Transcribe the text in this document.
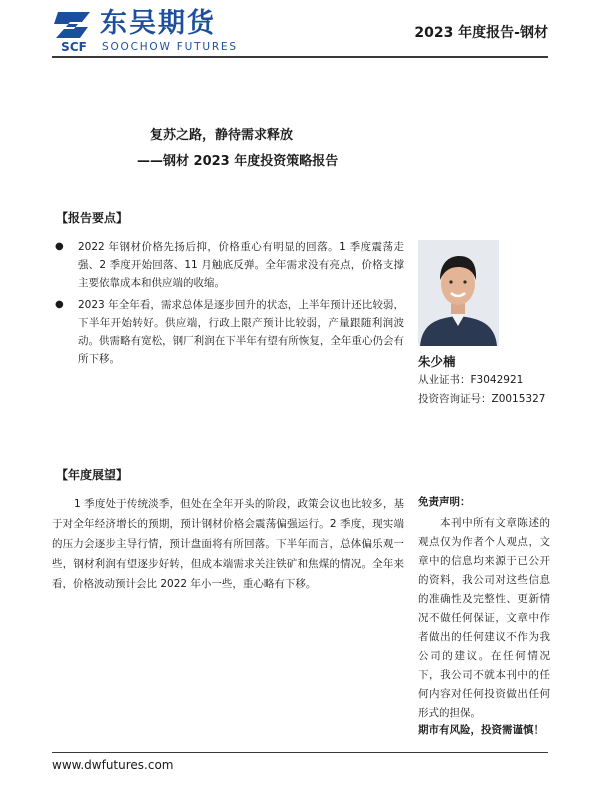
SCF
东吴期货
SOOCHOW FUTURES
2023 年度报告-钢材
复苏之路，静待需求释放
——钢材 2023 年度投资策略报告
【报告要点】
● 2022 年钢材价格先扬后抑，价格重心有明显的回落。1 季度震荡走强、2 季度开始回落、11 月触底反弹。全年需求没有亮点，价格支撑主要依靠成本和供应端的收缩。
● 2023 年全年看，需求总体是逐步回升的状态，上半年预计还比较弱，下半年开始转好。供应端，行政上限产预计比较弱，产量跟随利润波动。供需略有宽松，钢厂利润在下半年有望有所恢复，全年重心仍会有所下移。	朱少楠
从业证书：F3042921
投资咨询证号：Z0015327
【年度展望】

1 季度处于传统淡季，但处在全年开头的阶段，政策会议也比较多，基于对全年经济增长的预期，预计钢材价格会震荡偏强运行。2 季度，现实端的压力会逐步主导行情，预计盘面将有所回落。下半年而言，总体偏乐观一些，钢材利润有望逐步好转，但成本端需求关注铁矿和焦煤的情况。全年来看，价格波动预计会比 2022 年小一些，重心略有下移。

免责声明：

本刊中所有文章陈述的观点仅为作者个人观点，文章中的信息均来源于已公开的资料，我公司对这些信息的准确性及完整性、更新情况不做任何保证，文章中作者做出的任何建议不作为我公司的建议。在任何情况下，我公司不就本刊中的任何内容对任何投资做出任何形式的担保。

期市有风险，投资需谨慎！
www.dwfutures.com
